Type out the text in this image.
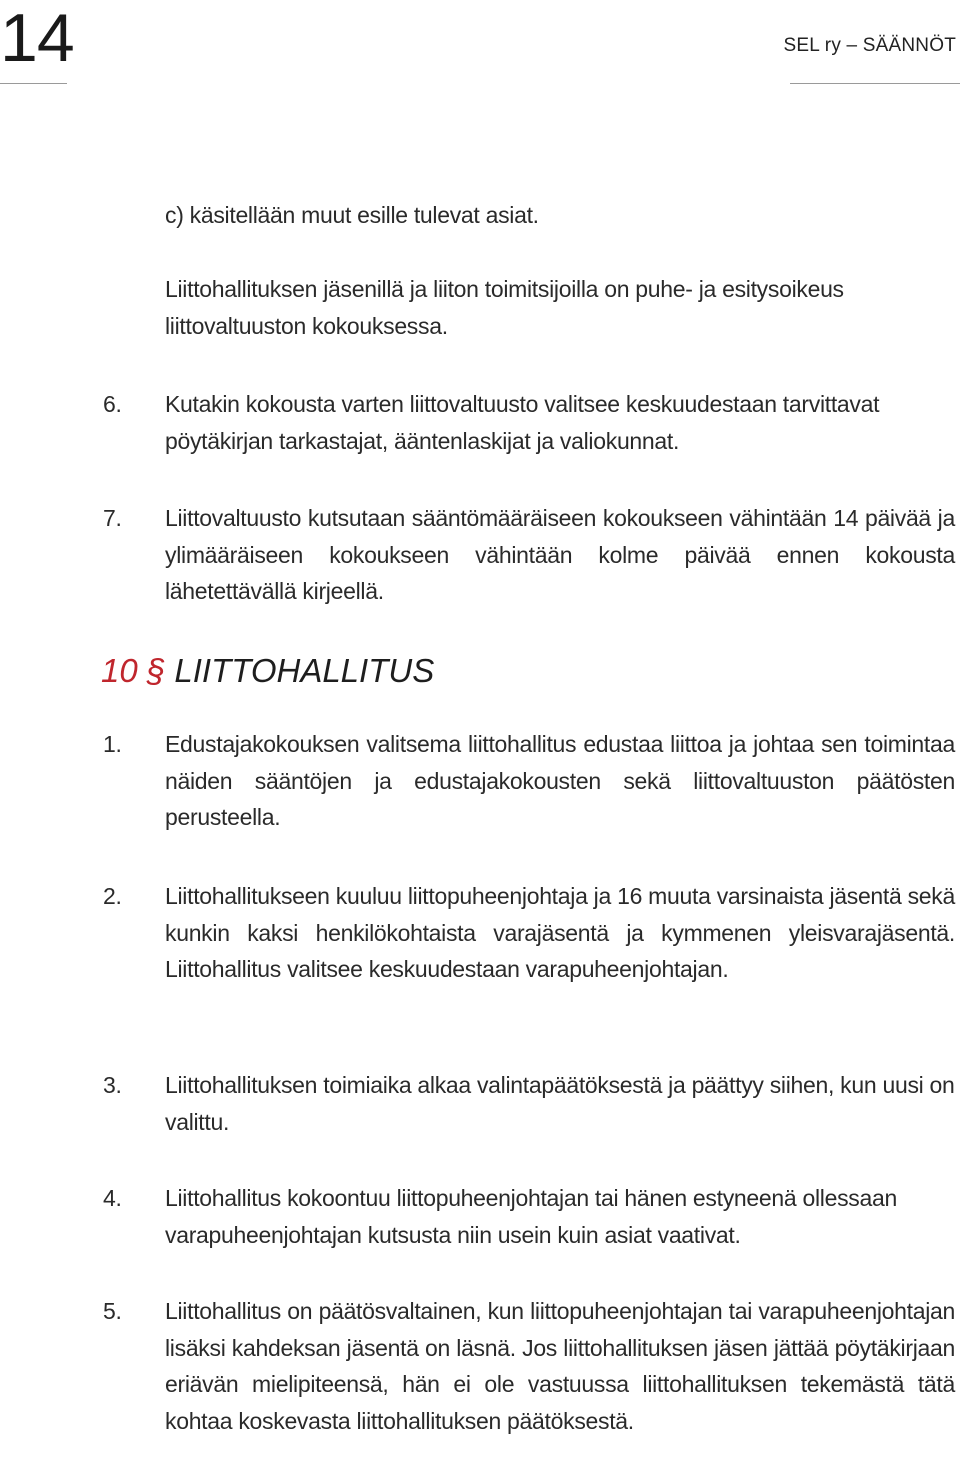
14	SEL ry – SÄÄNNÖT

c) käsitellään muut esille tulevat asiat.

Liittohallituksen jäsenillä ja liiton toimitsijoilla on puhe- ja esitysoikeus liittovaltuuston kokouksessa.

6.	Kutakin kokousta varten liittovaltuusto valitsee keskuudestaan tarvittavat pöytäkirjan tarkastajat, ääntenlaskijat ja valiokunnat.

7.	Liittovaltuusto kutsutaan sääntömääräiseen kokoukseen vähintään 14 päivää ja ylimääräiseen kokoukseen vähintään kolme päivää ennen kokousta lähetettävällä kirjeellä.

10 § LIITTOHALLITUS
1.	Edustajakokouksen valitsema liittohallitus edustaa liittoa ja johtaa sen toimintaa näiden sääntöjen ja edustajakokousten sekä liittovaltuuston päätösten perusteella.

2.	Liittohallitukseen kuuluu liittopuheenjohtaja ja 16 muuta varsinaista jäsentä sekä kunkin kaksi henkilökohtaista varajäsentä ja kymmenen yleisvarajäsentä. Liittohallitus valitsee keskuudestaan varapuheenjohtajan.

3.	Liittohallituksen toimiaika alkaa valintapäätöksestä ja päättyy siihen, kun uusi on valittu.

4.	Liittohallitus kokoontuu liittopuheenjohtajan tai hänen estyneenä ollessaan varapuheenjohtajan kutsusta niin usein kuin asiat vaativat.

5.	Liittohallitus on päätösvaltainen, kun liittopuheenjohtajan tai varapuheenjohtajan lisäksi kahdeksan jäsentä on läsnä. Jos liittohallituksen jäsen jättää pöytäkirjaan eriävän mielipiteensä, hän ei ole vastuussa liittohallituksen tekemästä tätä kohtaa koskevasta liittohallituksen päätöksestä.
